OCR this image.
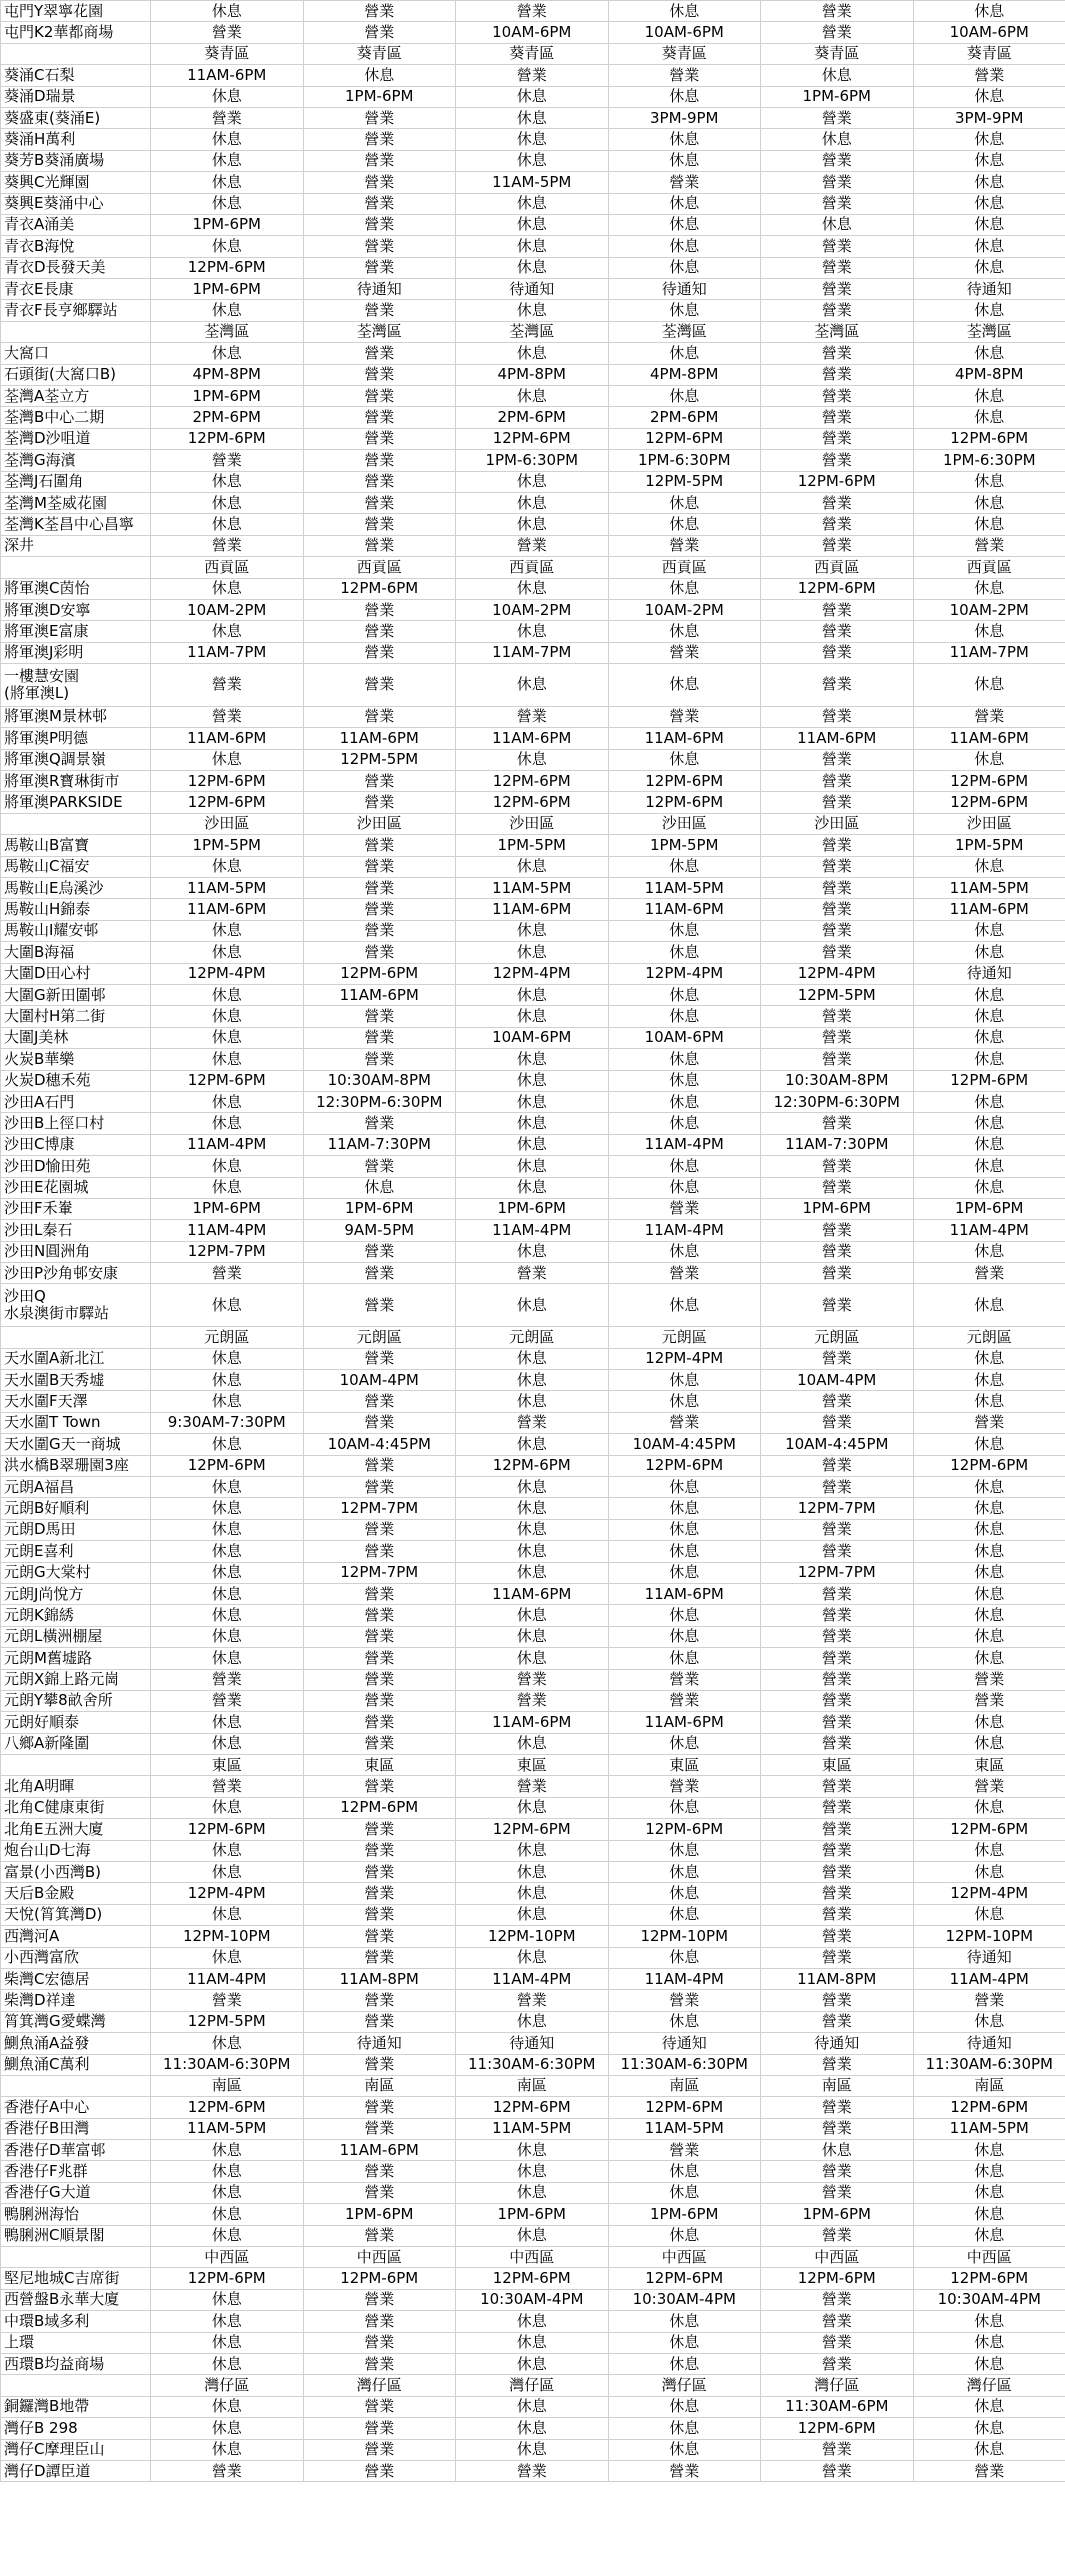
屯門Y翠寧花園	休息	營業	營業	休息	營業	休息
屯門K2華都商場	營業	營業	10AM-6PM	10AM-6PM	營業	10AM-6PM
	葵青區	葵青區	葵青區	葵青區	葵青區	葵青區
葵涌C石梨	11AM-6PM	休息	營業	營業	休息	營業
葵涌D瑞景	休息	1PM-6PM	休息	休息	1PM-6PM	休息
葵盛東(葵涌E)	營業	營業	休息	3PM-9PM	營業	3PM-9PM
葵涌H萬利	休息	營業	休息	休息	休息	休息
葵芳B葵涌廣場	休息	營業	休息	休息	營業	休息
葵興C光輝園	休息	營業	11AM-5PM	營業	營業	休息
葵興E葵涌中心	休息	營業	休息	休息	營業	休息
青衣A涌美	1PM-6PM	營業	休息	休息	休息	休息
青衣B海悅	休息	營業	休息	休息	營業	休息
青衣D長發天美	12PM-6PM	營業	休息	休息	營業	休息
青衣E長康	1PM-6PM	待通知	待通知	待通知	營業	待通知
青衣F長亨鄉驛站	休息	營業	休息	休息	營業	休息
	荃灣區	荃灣區	荃灣區	荃灣區	荃灣區	荃灣區
大窩口	休息	營業	休息	休息	營業	休息
石頭街(大窩口B)	4PM-8PM	營業	4PM-8PM	4PM-8PM	營業	4PM-8PM
荃灣A荃立方	1PM-6PM	營業	休息	休息	營業	休息
荃灣B中心二期	2PM-6PM	營業	2PM-6PM	2PM-6PM	營業	休息
荃灣D沙咀道	12PM-6PM	營業	12PM-6PM	12PM-6PM	營業	12PM-6PM
荃灣G海濱	營業	營業	1PM-6:30PM	1PM-6:30PM	營業	1PM-6:30PM
荃灣J石圍角	休息	營業	休息	12PM-5PM	12PM-6PM	休息
荃灣M荃威花園	休息	營業	休息	休息	營業	休息
荃灣K荃昌中心昌寧	休息	營業	休息	休息	營業	休息
深井	營業	營業	營業	營業	營業	營業
	西貢區	西貢區	西貢區	西貢區	西貢區	西貢區
將軍澳C茵怡	休息	12PM-6PM	休息	休息	12PM-6PM	休息
將軍澳D安寧	10AM-2PM	營業	10AM-2PM	10AM-2PM	營業	10AM-2PM
將軍澳E富康	休息	營業	休息	休息	營業	休息
將軍澳J彩明	11AM-7PM	營業	11AM-7PM	營業	營業	11AM-7PM
一樓慧安園
(將軍澳L)	營業	營業	休息	休息	營業	休息
將軍澳M景林邨	營業	營業	營業	營業	營業	營業
將軍澳P明德	11AM-6PM	11AM-6PM	11AM-6PM	11AM-6PM	11AM-6PM	11AM-6PM
將軍澳Q調景嶺	休息	12PM-5PM	休息	休息	營業	休息
將軍澳R寶琳街市	12PM-6PM	營業	12PM-6PM	12PM-6PM	營業	12PM-6PM
將軍澳PARKSIDE	12PM-6PM	營業	12PM-6PM	12PM-6PM	營業	12PM-6PM
	沙田區	沙田區	沙田區	沙田區	沙田區	沙田區
馬鞍山B富寶	1PM-5PM	營業	1PM-5PM	1PM-5PM	營業	1PM-5PM
馬鞍山C福安	休息	營業	休息	休息	營業	休息
馬鞍山E烏溪沙	11AM-5PM	營業	11AM-5PM	11AM-5PM	營業	11AM-5PM
馬鞍山H錦泰	11AM-6PM	營業	11AM-6PM	11AM-6PM	營業	11AM-6PM
馬鞍山I耀安邨	休息	營業	休息	休息	營業	休息
大圍B海福	休息	營業	休息	休息	營業	休息
大圍D田心村	12PM-4PM	12PM-6PM	12PM-4PM	12PM-4PM	12PM-4PM	待通知
大圍G新田圍邨	休息	11AM-6PM	休息	休息	12PM-5PM	休息
大圍村H第二街	休息	營業	休息	休息	營業	休息
大圍J美林	休息	營業	10AM-6PM	10AM-6PM	營業	休息
火炭B華樂	休息	營業	休息	休息	營業	休息
火炭D穗禾苑	12PM-6PM	10:30AM-8PM	休息	休息	10:30AM-8PM	12PM-6PM
沙田A石門	休息	12:30PM-6:30PM	休息	休息	12:30PM-6:30PM	休息
沙田B上徑口村	休息	營業	休息	休息	營業	休息
沙田C博康	11AM-4PM	11AM-7:30PM	休息	11AM-4PM	11AM-7:30PM	休息
沙田D愉田苑	休息	營業	休息	休息	營業	休息
沙田E花園城	休息	休息	休息	休息	營業	休息
沙田F禾輋	1PM-6PM	1PM-6PM	1PM-6PM	營業	1PM-6PM	1PM-6PM
沙田L秦石	11AM-4PM	9AM-5PM	11AM-4PM	11AM-4PM	營業	11AM-4PM
沙田N圓洲角	12PM-7PM	營業	休息	休息	營業	休息
沙田P沙角邨安康	營業	營業	營業	營業	營業	營業
沙田Q
水泉澳街市驛站	休息	營業	休息	休息	營業	休息
	元朗區	元朗區	元朗區	元朗區	元朗區	元朗區
天水圍A新北江	休息	營業	休息	12PM-4PM	營業	休息
天水圍B天秀墟	休息	10AM-4PM	休息	休息	10AM-4PM	休息
天水圍F天澤	休息	營業	休息	休息	營業	休息
天水圍T Town	9:30AM-7:30PM	營業	營業	營業	營業	營業
天水圍G天一商城	休息	10AM-4:45PM	休息	10AM-4:45PM	10AM-4:45PM	休息
洪水橋B翠珊園3座	12PM-6PM	營業	12PM-6PM	12PM-6PM	營業	12PM-6PM
元朗A福昌	休息	營業	休息	休息	營業	休息
元朗B好順利	休息	12PM-7PM	休息	休息	12PM-7PM	休息
元朗D馬田	休息	營業	休息	休息	營業	休息
元朗E喜利	休息	營業	休息	休息	營業	休息
元朗G大棠村	休息	12PM-7PM	休息	休息	12PM-7PM	休息
元朗J尚悅方	休息	營業	11AM-6PM	11AM-6PM	營業	休息
元朗K錦綉	休息	營業	休息	休息	營業	休息
元朗L橫洲棚屋	休息	營業	休息	休息	營業	休息
元朗M舊墟路	休息	營業	休息	休息	營業	休息
元朗X錦上路元崗	營業	營業	營業	營業	營業	營業
元朗Y攀8畝舍所	營業	營業	營業	營業	營業	營業
元朗好順泰	休息	營業	11AM-6PM	11AM-6PM	營業	休息
八鄉A新隆圍	休息	營業	休息	休息	營業	休息
	東區	東區	東區	東區	東區	東區
北角A明暉	營業	營業	營業	營業	營業	營業
北角C健康東街	休息	12PM-6PM	休息	休息	營業	休息
北角E五洲大廈	12PM-6PM	營業	12PM-6PM	12PM-6PM	營業	12PM-6PM
炮台山D七海	休息	營業	休息	休息	營業	休息
富景(小西灣B)	休息	營業	休息	休息	營業	休息
天后B金殿	12PM-4PM	營業	休息	休息	營業	12PM-4PM
天悅(筲箕灣D)	休息	營業	休息	休息	營業	休息
西灣河A	12PM-10PM	營業	12PM-10PM	12PM-10PM	營業	12PM-10PM
小西灣富欣	休息	營業	休息	休息	營業	待通知
柴灣C宏德居	11AM-4PM	11AM-8PM	11AM-4PM	11AM-4PM	11AM-8PM	11AM-4PM
柴灣D祥達	營業	營業	營業	營業	營業	營業
筲箕灣G愛蝶灣	12PM-5PM	營業	休息	休息	營業	休息
鰂魚涌A益發	休息	待通知	待通知	待通知	待通知	待通知
鰂魚涌C萬利	11:30AM-6:30PM	營業	11:30AM-6:30PM	11:30AM-6:30PM	營業	11:30AM-6:30PM
	南區	南區	南區	南區	南區	南區
香港仔A中心	12PM-6PM	營業	12PM-6PM	12PM-6PM	營業	12PM-6PM
香港仔B田灣	11AM-5PM	營業	11AM-5PM	11AM-5PM	營業	11AM-5PM
香港仔D華富邨	休息	11AM-6PM	休息	營業	休息	休息
香港仔F兆群	休息	營業	休息	休息	營業	休息
香港仔G大道	休息	營業	休息	休息	營業	休息
鴨脷洲海怡	休息	1PM-6PM	1PM-6PM	1PM-6PM	1PM-6PM	休息
鴨脷洲C順景閣	休息	營業	休息	休息	營業	休息
	中西區	中西區	中西區	中西區	中西區	中西區
堅尼地城C吉席街	12PM-6PM	12PM-6PM	12PM-6PM	12PM-6PM	12PM-6PM	12PM-6PM
西營盤B永華大廈	休息	營業	10:30AM-4PM	10:30AM-4PM	營業	10:30AM-4PM
中環B域多利	休息	營業	休息	休息	營業	休息
上環	休息	營業	休息	休息	營業	休息
西環B均益商場	休息	營業	休息	休息	營業	休息
	灣仔區	灣仔區	灣仔區	灣仔區	灣仔區	灣仔區
銅鑼灣B地帶	休息	營業	休息	休息	11:30AM-6PM	休息
灣仔B 298	休息	營業	休息	休息	12PM-6PM	休息
灣仔C摩理臣山	休息	營業	休息	休息	營業	休息
灣仔D譚臣道	營業	營業	營業	營業	營業	營業
